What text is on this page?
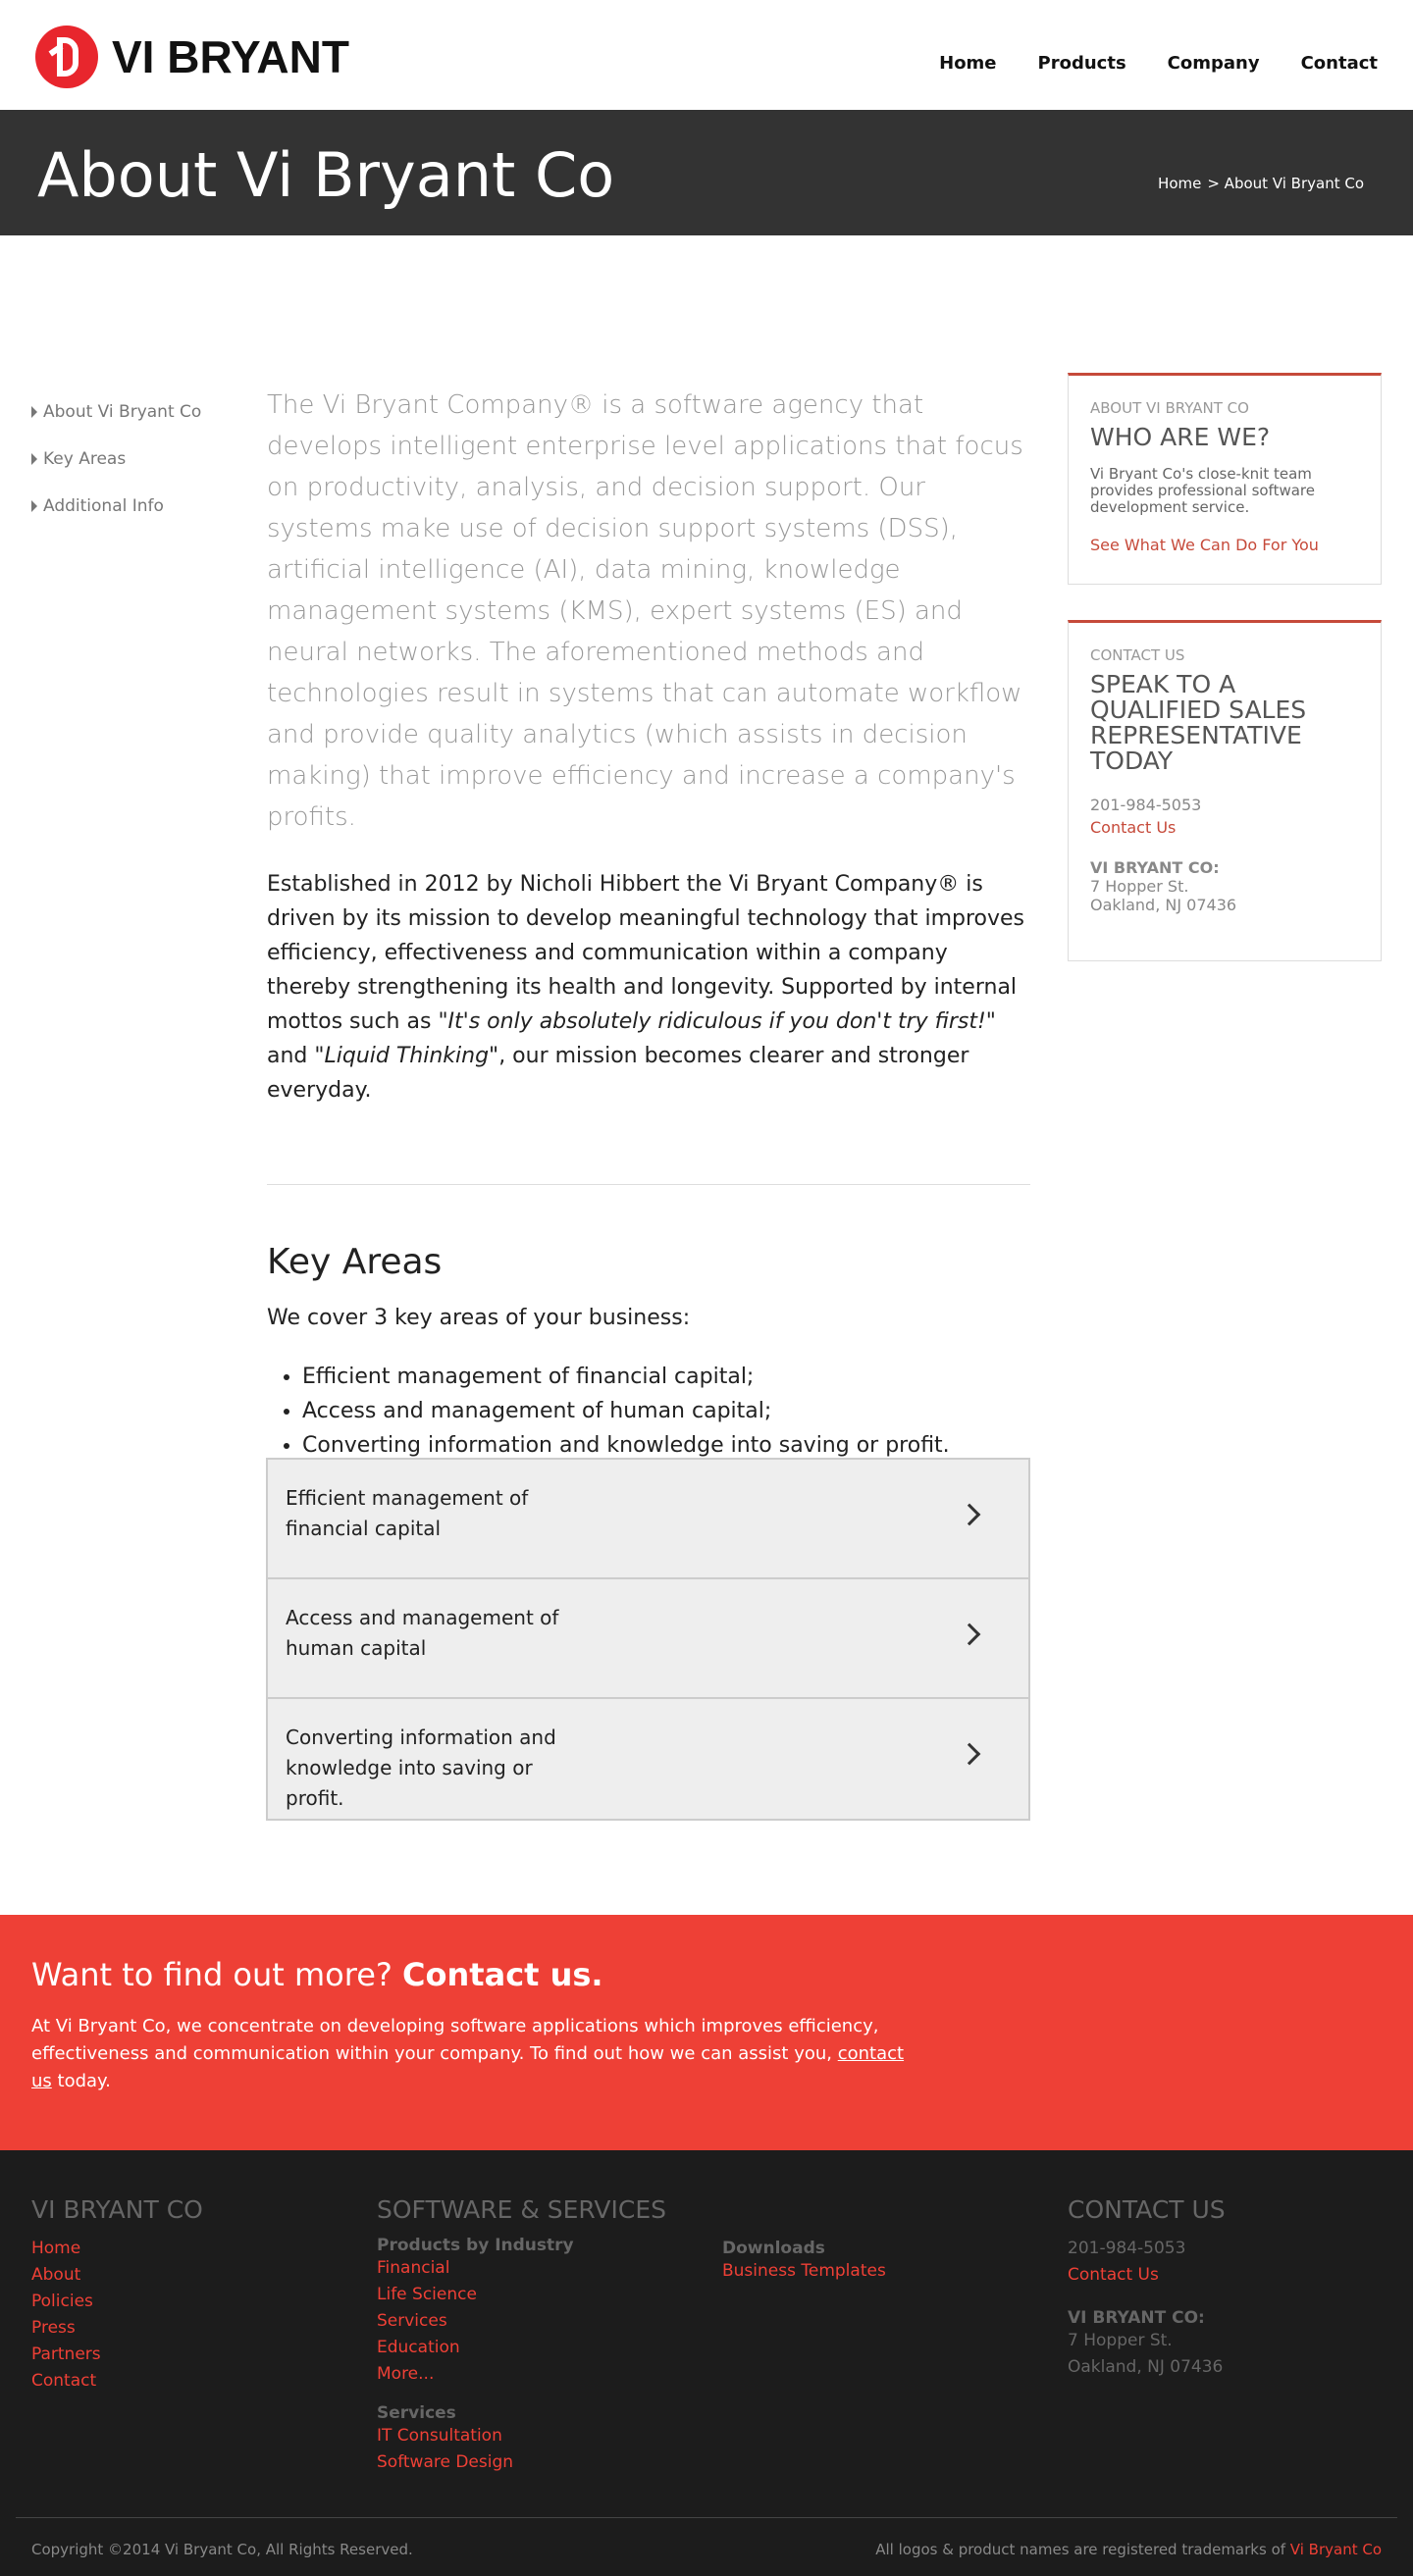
VI BRYANT	Home Products Company Contact
About Vi Bryant Co	Home > About Vi Bryant Co
About Vi Bryant Co
Key Areas
Additional Info

The Vi Bryant Company® is a software agency that develops intelligent enterprise level applications that focus on productivity, analysis, and decision support. Our systems make use of decision support systems (DSS), artificial intelligence (AI), data mining, knowledge management systems (KMS), expert systems (ES) and neural networks. The aforementioned methods and technologies result in systems that can automate workflow and provide quality analytics (which assists in decision making) that improve efficiency and increase a company's profits.

Established in 2012 by Nicholi Hibbert the Vi Bryant Company® is driven by its mission to develop meaningful technology that improves efficiency, effectiveness and communication within a company thereby strengthening its health and longevity. Supported by internal mottos such as "It's only absolutely ridiculous if you don't try first!" and "Liquid Thinking", our mission becomes clearer and stronger everyday.

Key Areas

We cover 3 key areas of your business:

• Efficient management of financial capital;
• Access and management of human capital;
• Converting information and knowledge into saving or profit.
Efficient management of financial capital
Access and management of human capital
Converting information and knowledge into saving or profit.
ABOUT VI BRYANT CO
WHO ARE WE?
Vi Bryant Co's close-knit team provides professional software development service.
See What We Can Do For You
CONTACT US
SPEAK TO A QUALIFIED SALES REPRESENTATIVE TODAY
201-984-5053
Contact Us
VI BRYANT CO:
7 Hopper St.
Oakland, NJ 07436
Want to find out more? Contact us.
At Vi Bryant Co, we concentrate on developing software applications which improves efficiency, effectiveness and communication within your company. To find out how we can assist you, contact us today.
VI BRYANT CO
Home
About
Policies
Press
Partners
Contact
SOFTWARE & SERVICES
Products by Industry
Financial
Life Science
Services
Education
More...
Services
IT Consultation
Software Design
Downloads
Business Templates
CONTACT US
201-984-5053
Contact Us
VI BRYANT CO:
7 Hopper St.
Oakland, NJ 07436
Copyright ©2014 Vi Bryant Co, All Rights Reserved.	All logos & product names are registered trademarks of Vi Bryant Co
